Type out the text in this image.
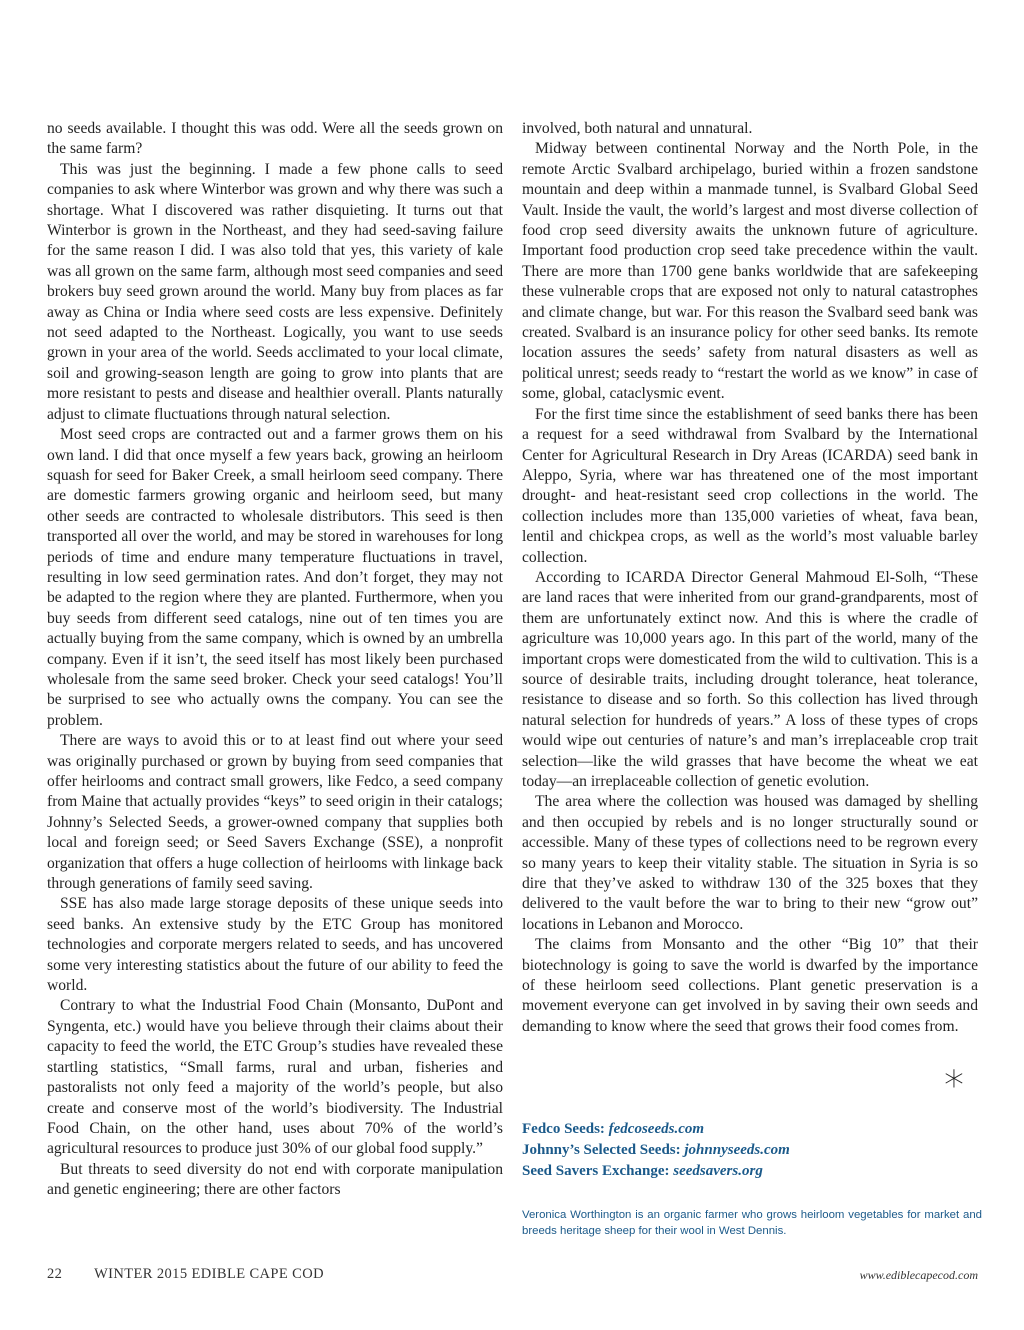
no seeds available. I thought this was odd. Were all the seeds grown on the same farm?

This was just the beginning. I made a few phone calls to seed companies to ask where Winterbor was grown and why there was such a shortage. What I discovered was rather disquieting. It turns out that Winterbor is grown in the Northeast, and they had seed-saving failure for the same reason I did. I was also told that yes, this variety of kale was all grown on the same farm, although most seed companies and seed brokers buy seed grown around the world. Many buy from places as far away as China or India where seed costs are less expensive. Definitely not seed adapted to the Northeast. Logically, you want to use seeds grown in your area of the world. Seeds acclimated to your local climate, soil and growing-season length are going to grow into plants that are more resistant to pests and disease and healthier overall. Plants naturally adjust to climate fluctuations through natural selection.

Most seed crops are contracted out and a farmer grows them on his own land. I did that once myself a few years back, growing an heirloom squash for seed for Baker Creek, a small heirloom seed company. There are domestic farmers growing organic and heirloom seed, but many other seeds are contracted to wholesale distributors. This seed is then transported all over the world, and may be stored in warehouses for long periods of time and endure many temperature fluctuations in travel, resulting in low seed germination rates. And don’t forget, they may not be adapted to the region where they are planted. Furthermore, when you buy seeds from different seed catalogs, nine out of ten times you are actually buying from the same company, which is owned by an umbrella company. Even if it isn’t, the seed itself has most likely been purchased wholesale from the same seed broker. Check your seed catalogs! You’ll be surprised to see who actually owns the company. You can see the problem.

There are ways to avoid this or to at least find out where your seed was originally purchased or grown by buying from seed companies that offer heirlooms and contract small growers, like Fedco, a seed company from Maine that actually provides “keys” to seed origin in their catalogs; Johnny’s Selected Seeds, a grower-owned company that supplies both local and foreign seed; or Seed Savers Exchange (SSE), a nonprofit organization that offers a huge collection of heirlooms with linkage back through generations of family seed saving.

SSE has also made large storage deposits of these unique seeds into seed banks. An extensive study by the ETC Group has monitored technologies and corporate mergers related to seeds, and has uncovered some very interesting statistics about the future of our ability to feed the world.

Contrary to what the Industrial Food Chain (Monsanto, DuPont and Syngenta, etc.) would have you believe through their claims about their capacity to feed the world, the ETC Group’s studies have revealed these startling statistics, “Small farms, rural and urban, fisheries and pastoralists not only feed a majority of the world’s people, but also create and conserve most of the world’s biodiversity. The Industrial Food Chain, on the other hand, uses about 70% of the world’s agricultural resources to produce just 30% of our global food supply.”

But threats to seed diversity do not end with corporate manipulation and genetic engineering; there are other factors

involved, both natural and unnatural.

Midway between continental Norway and the North Pole, in the remote Arctic Svalbard archipelago, buried within a frozen sandstone mountain and deep within a manmade tunnel, is Svalbard Global Seed Vault. Inside the vault, the world’s largest and most diverse collection of food crop seed diversity awaits the unknown future of agriculture. Important food production crop seed take precedence within the vault. There are more than 1700 gene banks worldwide that are safekeeping these vulnerable crops that are exposed not only to natural catastrophes and climate change, but war. For this reason the Svalbard seed bank was created. Svalbard is an insurance policy for other seed banks. Its remote location assures the seeds’ safety from natural disasters as well as political unrest; seeds ready to “restart the world as we know” in case of some, global, cataclysmic event.

For the first time since the establishment of seed banks there has been a request for a seed withdrawal from Svalbard by the International Center for Agricultural Research in Dry Areas (ICARDA) seed bank in Aleppo, Syria, where war has threatened one of the most important drought- and heat-resistant seed crop collections in the world. The collection includes more than 135,000 varieties of wheat, fava bean, lentil and chickpea crops, as well as the world’s most valuable barley collection.

According to ICARDA Director General Mahmoud El-Solh, “These are land races that were inherited from our grand-grandparents, most of them are unfortunately extinct now. And this is where the cradle of agriculture was 10,000 years ago. In this part of the world, many of the important crops were domesticated from the wild to cultivation. This is a source of desirable traits, including drought tolerance, heat tolerance, resistance to disease and so forth. So this collection has lived through natural selection for hundreds of years.” A loss of these types of crops would wipe out centuries of nature’s and man’s irreplaceable crop trait selection—like the wild grasses that have become the wheat we eat today—an irreplaceable collection of genetic evolution.

The area where the collection was housed was damaged by shelling and then occupied by rebels and is no longer structurally sound or accessible. Many of these types of collections need to be regrown every so many years to keep their vitality stable. The situation in Syria is so dire that they’ve asked to withdraw 130 of the 325 boxes that they delivered to the vault before the war to bring to their new “grow out” locations in Lebanon and Morocco.

The claims from Monsanto and the other “Big 10” that their biotechnology is going to save the world is dwarfed by the importance of these heirloom seed collections. Plant genetic preservation is a movement everyone can get involved in by saving their own seeds and demanding to know where the seed that grows their food comes from.

*
Fedco Seeds: fedcoseeds.com
Johnny’s Selected Seeds: johnnyseeds.com
Seed Savers Exchange: seedsavers.org
Veronica Worthington is an organic farmer who grows heirloom vegetables for market and breeds heritage sheep for their wool in West Dennis.
22 WINTER 2015 EDIBLE CAPE COD	www.ediblecapecod.com
